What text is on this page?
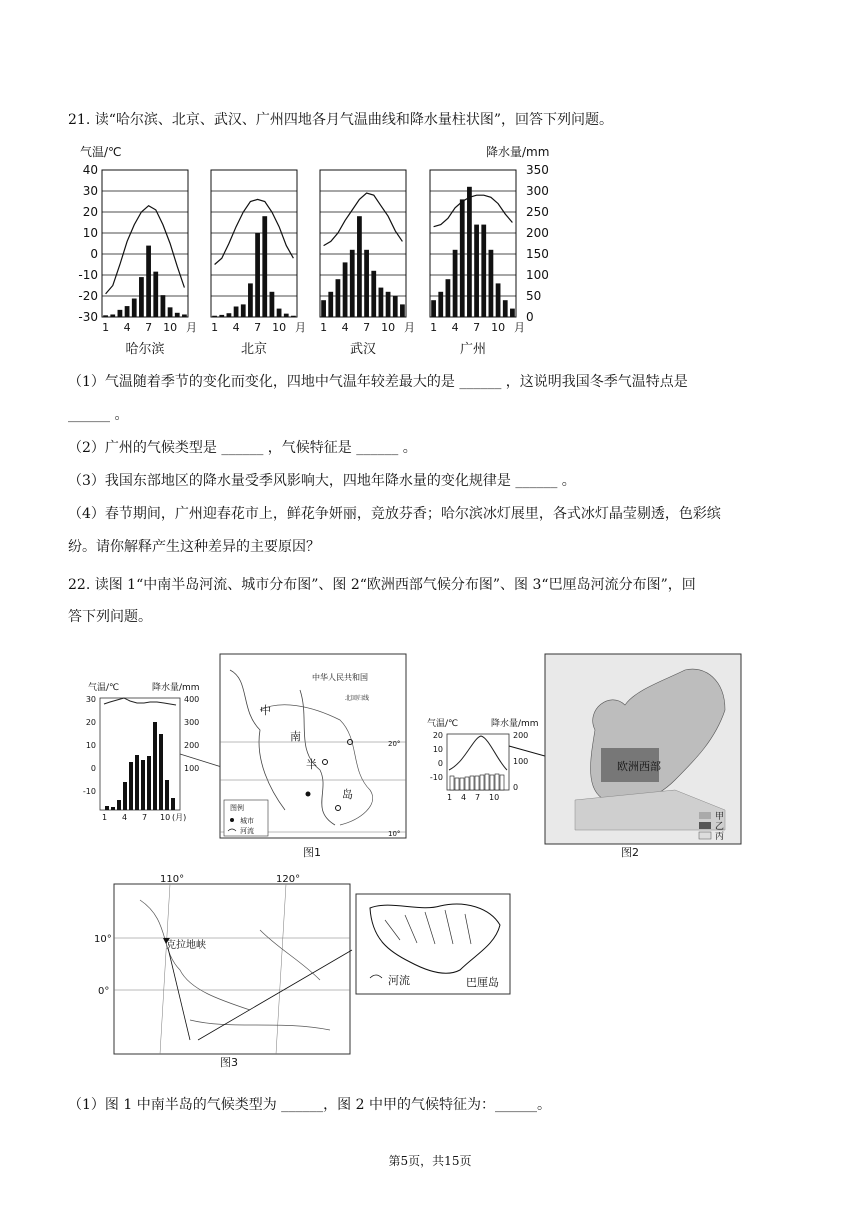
21. 读“哈尔滨、北京、武汉、广州四地各月气温曲线和降水量柱状图”，回答下列问题。
气温/℃	降水量/mm
40
30
20
10
0
-10
-20
-30
350
300
250
200
150
100
50
0
1 4 7 10 月
哈尔滨
1 4 7 10 月
北京
1 4 7 10 月
武汉
1 4 7 10 月
广州
（1）气温随着季节的变化而变化，四地中气温年较差最大的是 ______ ，这说明我国冬季气温特点是
______ 。
（2）广州的气候类型是 ______ ，气候特征是 ______ 。
（3）我国东部地区的降水量受季风影响大，四地年降水量的变化规律是 ______ 。
（4）春节期间，广州迎春花市上，鲜花争妍丽，竞放芬香；哈尔滨冰灯展里，各式冰灯晶莹剔透，色彩缤
纷。请你解释产生这种差异的主要原因？
22. 读图 1“中南半岛河流、城市分布图”、图 2“欧洲西部气候分布图”、图 3“巴厘岛河流分布图”，回
答下列问题。
气温/℃	降水量/mm
30
20
10
0
-10
400
300
200
100
1 4 7 10 (月)
中华人民共和国
北回归线
中
南
半
岛
20°
10°
图例
城市
河流
图1
气温/℃	降水量/mm
20
10
0
-10
200
100
0
1 4 7 10
欧洲西部
甲
乙
丙
图2
110°	120°
10°
0°
克拉地峡
河流	巴厘岛
图3
（1）图 1 中南半岛的气候类型为 ______，图 2 中甲的气候特征为：______。
第5页，共15页
